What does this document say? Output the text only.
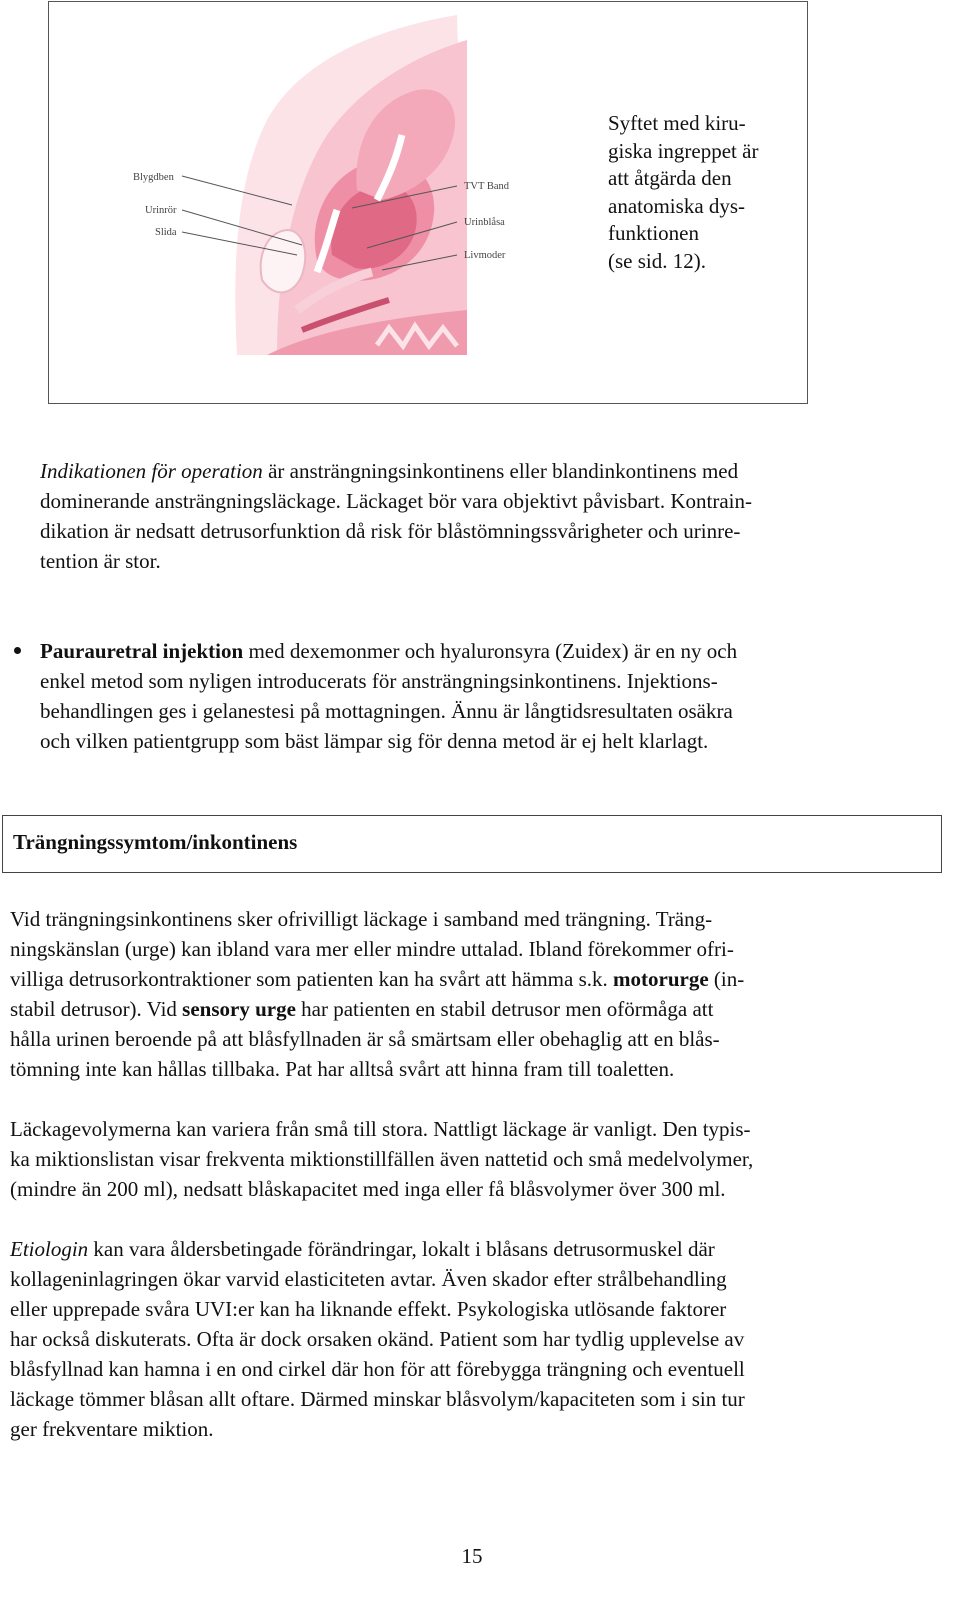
Blygdben
Urinrör
Slida
TVT Band
Urinblåsa
Livmoder
Syftet med kiru-
giska ingreppet är
att åtgärda den
anatomiska dys-
funktionen
(se sid. 12).
Indikationen för operation är ansträngningsinkontinens eller blandinkontinens med
dominerande ansträngningsläckage. Läckaget bör vara objektivt påvisbart. Kontrain-
dikation är nedsatt detrusorfunktion då risk för blåstömningssvårigheter och urinre-
tention är stor.
Paurauretral injektion med dexemonmer och hyaluronsyra (Zuidex) är en ny och
enkel metod som nyligen introducerats för ansträngningsinkontinens. Injektions-
behandlingen ges i gelanestesi på mottagningen. Ännu är långtidsresultaten osäkra
och vilken patientgrupp som bäst lämpar sig för denna metod är ej helt klarlagt.
Trängningssymtom/inkontinens
Vid trängningsinkontinens sker ofrivilligt läckage i samband med trängning. Träng-
ningskänslan (urge) kan ibland vara mer eller mindre uttalad. Ibland förekommer ofri-
villiga detrusorkontraktioner som patienten kan ha svårt att hämma s.k. motorurge (in-
stabil detrusor). Vid sensory urge har patienten en stabil detrusor men oförmåga att
hålla urinen beroende på att blåsfyllnaden är så smärtsam eller obehaglig att en blås-
tömning inte kan hållas tillbaka. Pat har alltså svårt att hinna fram till toaletten.
Läckagevolymerna kan variera från små till stora. Nattligt läckage är vanligt. Den typis-
ka miktionslistan visar frekventa miktionstillfällen även nattetid och små medelvolymer,
(mindre än 200 ml), nedsatt blåskapacitet med inga eller få blåsvolymer över 300 ml.
Etiologin kan vara åldersbetingade förändringar, lokalt i blåsans detrusormuskel där
kollageninlagringen ökar varvid elasticiteten avtar. Även skador efter strålbehandling
eller upprepade svåra UVI:er kan ha liknande effekt. Psykologiska utlösande faktorer
har också diskuterats. Ofta är dock orsaken okänd. Patient som har tydlig upplevelse av
blåsfyllnad kan hamna i en ond cirkel där hon för att förebygga trängning och eventuell
läckage tömmer blåsan allt oftare. Därmed minskar blåsvolym/kapaciteten som i sin tur
ger frekventare miktion.
15
